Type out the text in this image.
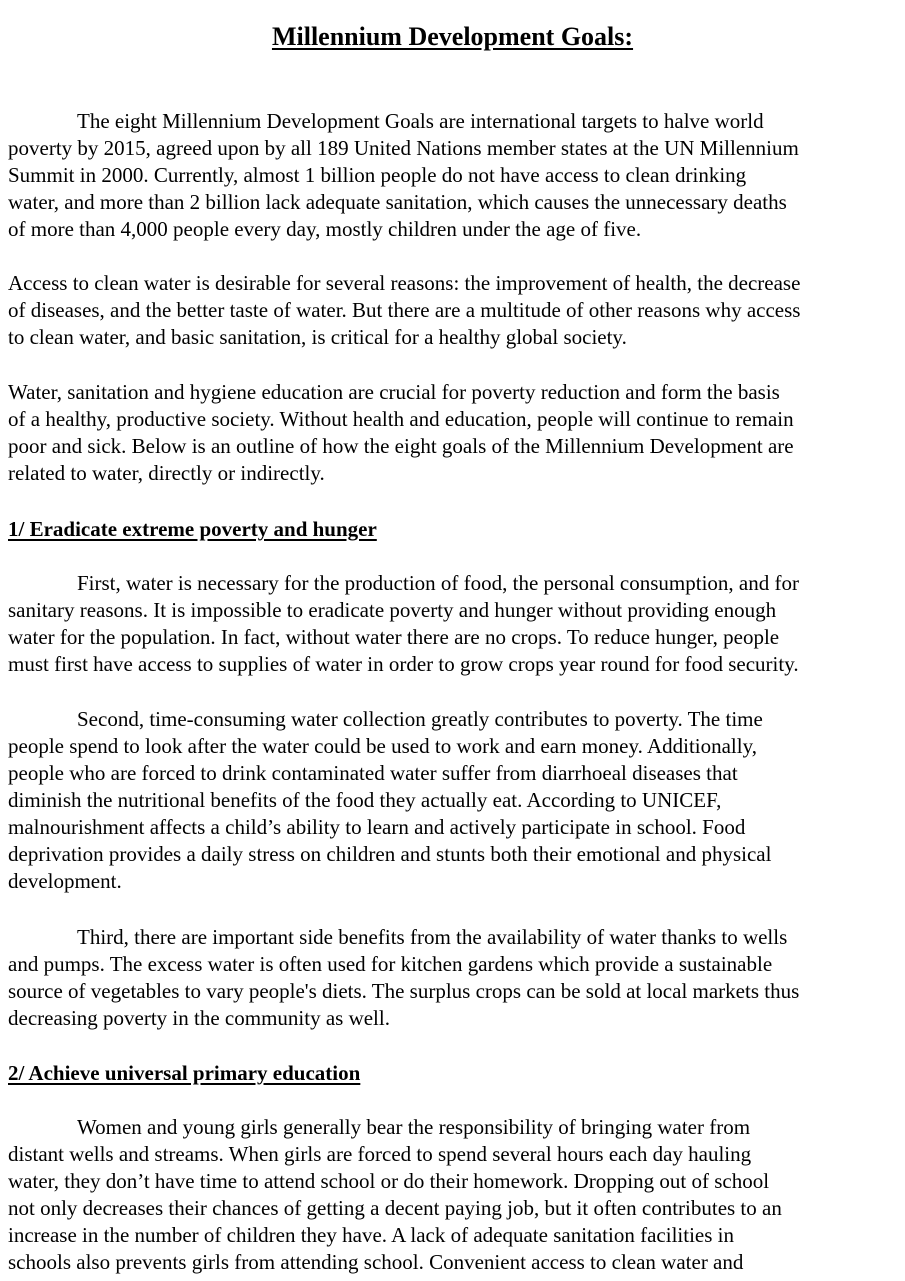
Millennium Development Goals:

The eight Millennium Development Goals are international targets to halve world
poverty by 2015, agreed upon by all 189 United Nations member states at the UN Millennium
Summit in 2000. Currently, almost 1 billion people do not have access to clean drinking
water, and more than 2 billion lack adequate sanitation, which causes the unnecessary deaths
of more than 4,000 people every day, mostly children under the age of five.

Access to clean water is desirable for several reasons: the improvement of health, the decrease
of diseases, and the better taste of water. But there are a multitude of other reasons why access
to clean water, and basic sanitation, is critical for a healthy global society.

Water, sanitation and hygiene education are crucial for poverty reduction and form the basis
of a healthy, productive society. Without health and education, people will continue to remain
poor and sick. Below is an outline of how the eight goals of the Millennium Development are
related to water, directly or indirectly.

1/ Eradicate extreme poverty and hunger

First, water is necessary for the production of food, the personal consumption, and for
sanitary reasons. It is impossible to eradicate poverty and hunger without providing enough
water for the population. In fact, without water there are no crops. To reduce hunger, people
must first have access to supplies of water in order to grow crops year round for food security.

Second, time-consuming water collection greatly contributes to poverty. The time
people spend to look after the water could be used to work and earn money. Additionally,
people who are forced to drink contaminated water suffer from diarrhoeal diseases that
diminish the nutritional benefits of the food they actually eat. According to UNICEF,
malnourishment affects a child’s ability to learn and actively participate in school. Food
deprivation provides a daily stress on children and stunts both their emotional and physical
development.

Third, there are important side benefits from the availability of water thanks to wells
and pumps. The excess water is often used for kitchen gardens which provide a sustainable
source of vegetables to vary people's diets. The surplus crops can be sold at local markets thus
decreasing poverty in the community as well.

2/ Achieve universal primary education

Women and young girls generally bear the responsibility of bringing water from
distant wells and streams. When girls are forced to spend several hours each day hauling
water, they don’t have time to attend school or do their homework. Dropping out of school
not only decreases their chances of getting a decent paying job, but it often contributes to an
increase in the number of children they have. A lack of adequate sanitation facilities in
schools also prevents girls from attending school. Convenient access to clean water and
